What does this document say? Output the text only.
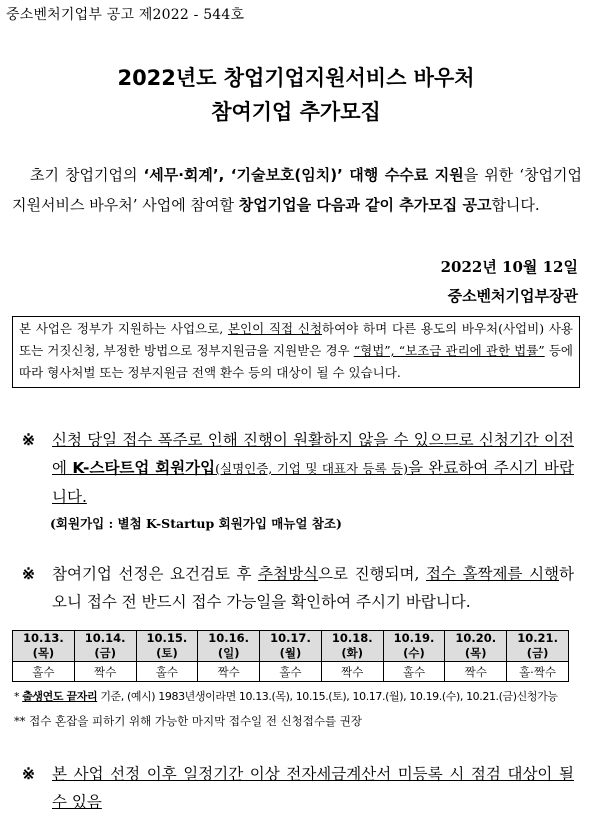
중소벤처기업부 공고 제2022 - 544호
2022년도 창업기업지원서비스 바우처
참여기업 추가모집
초기 창업기업의 ‘세무·회계’, ‘기술보호(임치)’ 대행 수수료 지원을 위한 ‘창업기업지원서비스 바우처’ 사업에 참여할 창업기업을 다음과 같이 추가모집 공고합니다.
2022년 10월 12일
중소벤처기업부장관
본 사업은 정부가 지원하는 사업으로, 본인이 직접 신청하여야 하며 다른 용도의 바우처(사업비) 사용 또는 거짓신청, 부정한 방법으로 정부지원금을 지원받은 경우 “형법”, “보조금 관리에 관한 법률” 등에 따라 형사처벌 또는 정부지원금 전액 환수 등의 대상이 될 수 있습니다.
※	신청 당일 접수 폭주로 인해 진행이 원활하지 않을 수 있으므로 신청기간 이전에 K-스타트업 회원가입(실명인증, 기업 및 대표자 등록 등)을 완료하여 주시기 바랍니다.
(회원가입 : 별첨 K-Startup 회원가입 매뉴얼 참조)
※	참여기업 선정은 요건검토 후 추첨방식으로 진행되며, 접수 홀짝제를 시행하오니 접수 전 반드시 접수 가능일을 확인하여 주시기 바랍니다.
10.13.(목)	10.14.(금)	10.15.(토)	10.16.(일)	10.17.(월)	10.18.(화)	10.19.(수)	10.20.(목)	10.21.(금)
홀수	짝수	홀수	짝수	홀수	짝수	홀수	짝수	홀·짝수
* 출생연도 끝자리 기준, (예시) 1983년생이라면 10.13.(목), 10.15.(토), 10.17.(월), 10.19.(수), 10.21.(금)신청가능
** 접수 혼잡을 피하기 위해 가능한 마지막 접수일 전 신청접수를 권장
※	본 사업 선정 이후 일정기간 이상 전자세금계산서 미등록 시 점검 대상이 될 수 있음
